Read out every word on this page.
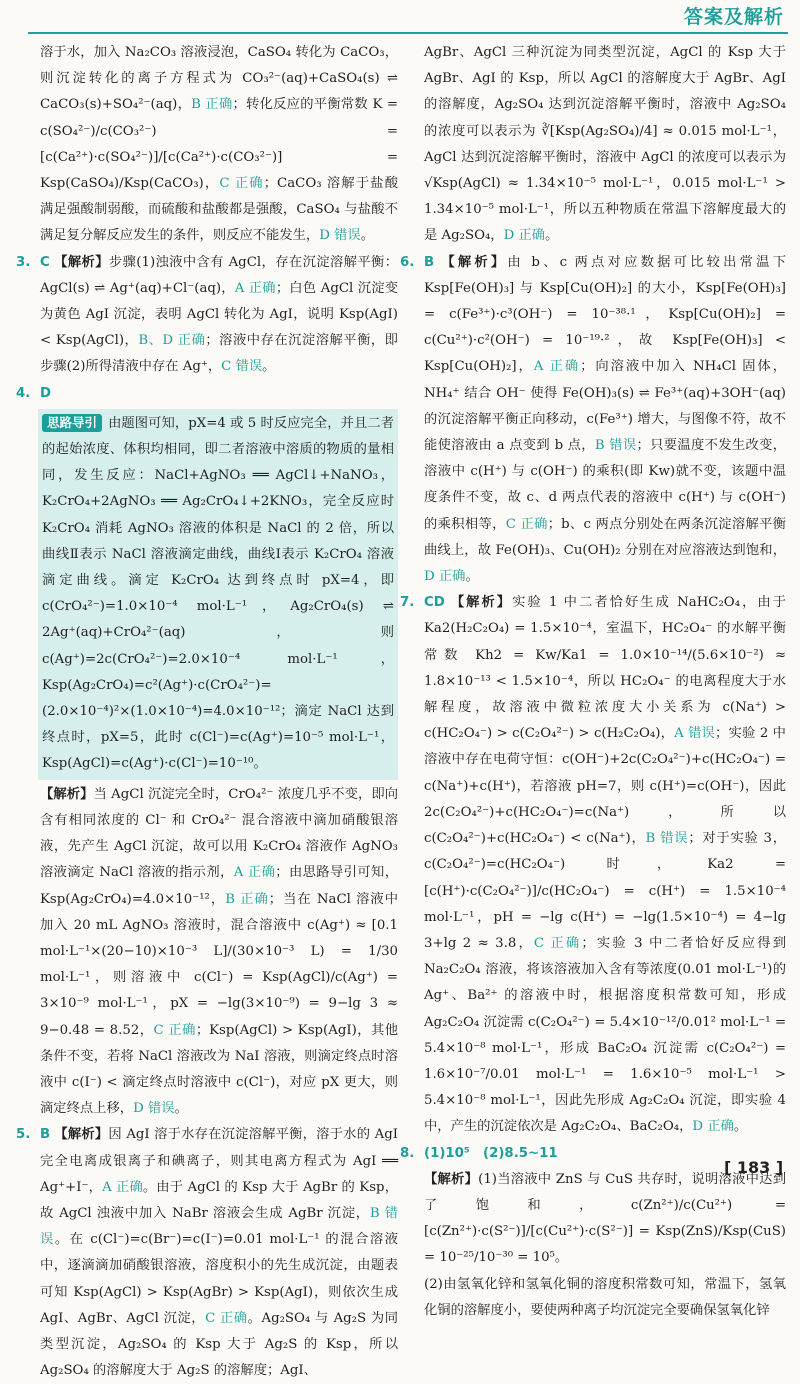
答案及解析

溶于水，加入 Na₂CO₃ 溶液浸泡，CaSO₄ 转化为 CaCO₃，则沉淀转化的离子方程式为 CO₃²⁻(aq)+CaSO₄(s) ⇌ CaCO₃(s)+SO₄²⁻(aq)，B 正确；转化反应的平衡常数 K = c(SO₄²⁻)/c(CO₃²⁻) = [c(Ca²⁺)·c(SO₄²⁻)]/[c(Ca²⁺)·c(CO₃²⁻)] = Ksp(CaSO₄)/Ksp(CaCO₃)，C 正确；CaCO₃ 溶解于盐酸满足强酸制弱酸，而硫酸和盐酸都是强酸，CaSO₄ 与盐酸不满足复分解反应发生的条件，则反应不能发生，D 错误。

3. C 【解析】步骤(1)浊液中含有 AgCl，存在沉淀溶解平衡：AgCl(s) ⇌ Ag⁺(aq)+Cl⁻(aq)，A 正确；白色 AgCl 沉淀变为黄色 AgI 沉淀，表明 AgCl 转化为 AgI，说明 Ksp(AgI) < Ksp(AgCl)，B、D 正确；溶液中存在沉淀溶解平衡，即步骤(2)所得清液中存在 Ag⁺，C 错误。

4. D

思路导引 由题图可知，pX=4 或 5 时反应完全，并且二者的起始浓度、体积均相同，即二者溶液中溶质的物质的量相同，发生反应：NaCl+AgNO₃ ══ AgCl↓+NaNO₃，K₂CrO₄+2AgNO₃ ══ Ag₂CrO₄↓+2KNO₃，完全反应时 K₂CrO₄ 消耗 AgNO₃ 溶液的体积是 NaCl 的 2 倍，所以曲线Ⅱ表示 NaCl 溶液滴定曲线，曲线Ⅰ表示 K₂CrO₄ 溶液滴定曲线。滴定 K₂CrO₄ 达到终点时 pX=4，即 c(CrO₄²⁻)=1.0×10⁻⁴ mol·L⁻¹，Ag₂CrO₄(s) ⇌ 2Ag⁺(aq)+CrO₄²⁻(aq)，则 c(Ag⁺)=2c(CrO₄²⁻)=2.0×10⁻⁴ mol·L⁻¹，Ksp(Ag₂CrO₄)=c²(Ag⁺)·c(CrO₄²⁻)=(2.0×10⁻⁴)²×(1.0×10⁻⁴)=4.0×10⁻¹²；滴定 NaCl 达到终点时，pX=5，此时 c(Cl⁻)=c(Ag⁺)=10⁻⁵ mol·L⁻¹，Ksp(AgCl)=c(Ag⁺)·c(Cl⁻)=10⁻¹⁰。

【解析】当 AgCl 沉淀完全时，CrO₄²⁻ 浓度几乎不变，即向含有相同浓度的 Cl⁻ 和 CrO₄²⁻ 混合溶液中滴加硝酸银溶液，先产生 AgCl 沉淀，故可以用 K₂CrO₄ 溶液作 AgNO₃ 溶液滴定 NaCl 溶液的指示剂，A 正确；由思路导引可知，Ksp(Ag₂CrO₄)=4.0×10⁻¹²，B 正确；当在 NaCl 溶液中加入 20 mL AgNO₃ 溶液时，混合溶液中 c(Ag⁺) ≈ [0.1 mol·L⁻¹×(20−10)×10⁻³ L]/(30×10⁻³ L) = 1/30 mol·L⁻¹，则溶液中 c(Cl⁻) = Ksp(AgCl)/c(Ag⁺) = 3×10⁻⁹ mol·L⁻¹，pX = −lg(3×10⁻⁹) = 9−lg 3 ≈ 9−0.48 = 8.52，C 正确；Ksp(AgCl) > Ksp(AgI)，其他条件不变，若将 NaCl 溶液改为 NaI 溶液，则滴定终点时溶液中 c(I⁻) < 滴定终点时溶液中 c(Cl⁻)，对应 pX 更大，则滴定终点上移，D 错误。

5. B 【解析】因 AgI 溶于水存在沉淀溶解平衡，溶于水的 AgI 完全电离成银离子和碘离子，则其电离方程式为 AgI ══ Ag⁺+I⁻，A 正确。由于 AgCl 的 Ksp 大于 AgBr 的 Ksp，故 AgCl 浊液中加入 NaBr 溶液会生成 AgBr 沉淀，B 错误。在 c(Cl⁻)=c(Br⁻)=c(I⁻)=0.01 mol·L⁻¹ 的混合溶液中，逐滴滴加硝酸银溶液，溶度积小的先生成沉淀，由题表可知 Ksp(AgCl) > Ksp(AgBr) > Ksp(AgI)，则依次生成 AgI、AgBr、AgCl 沉淀，C 正确。Ag₂SO₄ 与 Ag₂S 为同类型沉淀，Ag₂SO₄ 的 Ksp 大于 Ag₂S 的 Ksp，所以 Ag₂SO₄ 的溶解度大于 Ag₂S 的溶解度；AgI、

AgBr、AgCl 三种沉淀为同类型沉淀，AgCl 的 Ksp 大于 AgBr、AgI 的 Ksp，所以 AgCl 的溶解度大于 AgBr、AgI 的溶解度，Ag₂SO₄ 达到沉淀溶解平衡时，溶液中 Ag₂SO₄ 的浓度可以表示为 ∛[Ksp(Ag₂SO₄)/4] ≈ 0.015 mol·L⁻¹，AgCl 达到沉淀溶解平衡时，溶液中 AgCl 的浓度可以表示为 √Ksp(AgCl) ≈ 1.34×10⁻⁵ mol·L⁻¹，0.015 mol·L⁻¹ > 1.34×10⁻⁵ mol·L⁻¹，所以五种物质在常温下溶解度最大的是 Ag₂SO₄，D 正确。

6. B 【解析】由 b、c 两点对应数据可比较出常温下 Ksp[Fe(OH)₃] 与 Ksp[Cu(OH)₂] 的大小，Ksp[Fe(OH)₃] = c(Fe³⁺)·c³(OH⁻) = 10⁻³⁸·¹，Ksp[Cu(OH)₂] = c(Cu²⁺)·c²(OH⁻) = 10⁻¹⁹·²，故 Ksp[Fe(OH)₃] < Ksp[Cu(OH)₂]，A 正确；向溶液中加入 NH₄Cl 固体，NH₄⁺ 结合 OH⁻ 使得 Fe(OH)₃(s) ⇌ Fe³⁺(aq)+3OH⁻(aq) 的沉淀溶解平衡正向移动，c(Fe³⁺) 增大，与图像不符，故不能使溶液由 a 点变到 b 点，B 错误；只要温度不发生改变，溶液中 c(H⁺) 与 c(OH⁻) 的乘积(即 Kw)就不变，该题中温度条件不变，故 c、d 两点代表的溶液中 c(H⁺) 与 c(OH⁻) 的乘积相等，C 正确；b、c 两点分别处在两条沉淀溶解平衡曲线上，故 Fe(OH)₃、Cu(OH)₂ 分别在对应溶液达到饱和，D 正确。

7. CD 【解析】实验 1 中二者恰好生成 NaHC₂O₄，由于 Ka2(H₂C₂O₄) = 1.5×10⁻⁴，室温下，HC₂O₄⁻ 的水解平衡常数 Kh2 = Kw/Ka1 = 1.0×10⁻¹⁴/(5.6×10⁻²) ≈ 1.8×10⁻¹³ < 1.5×10⁻⁴，所以 HC₂O₄⁻ 的电离程度大于水解程度，故溶液中微粒浓度大小关系为 c(Na⁺) > c(HC₂O₄⁻) > c(C₂O₄²⁻) > c(H₂C₂O₄)，A 错误；实验 2 中溶液中存在电荷守恒：c(OH⁻)+2c(C₂O₄²⁻)+c(HC₂O₄⁻) = c(Na⁺)+c(H⁺)，若溶液 pH=7，则 c(H⁺)=c(OH⁻)，因此 2c(C₂O₄²⁻)+c(HC₂O₄⁻)=c(Na⁺)，所以 c(C₂O₄²⁻)+c(HC₂O₄⁻) < c(Na⁺)，B 错误；对于实验 3，c(C₂O₄²⁻)=c(HC₂O₄⁻) 时，Ka2 = [c(H⁺)·c(C₂O₄²⁻)]/c(HC₂O₄⁻) = c(H⁺) = 1.5×10⁻⁴ mol·L⁻¹，pH = −lg c(H⁺) = −lg(1.5×10⁻⁴) = 4−lg 3+lg 2 ≈ 3.8，C 正确；实验 3 中二者恰好反应得到 Na₂C₂O₄ 溶液，将该溶液加入含有等浓度(0.01 mol·L⁻¹)的 Ag⁺、Ba²⁺ 的溶液中时，根据溶度积常数可知，形成 Ag₂C₂O₄ 沉淀需 c(C₂O₄²⁻) = 5.4×10⁻¹²/0.01² mol·L⁻¹ = 5.4×10⁻⁸ mol·L⁻¹，形成 BaC₂O₄ 沉淀需 c(C₂O₄²⁻) = 1.6×10⁻⁷/0.01 mol·L⁻¹ = 1.6×10⁻⁵ mol·L⁻¹ > 5.4×10⁻⁸ mol·L⁻¹，因此先形成 Ag₂C₂O₄ 沉淀，即实验 4 中，产生的沉淀依次是 Ag₂C₂O₄、BaC₂O₄，D 正确。

8. (1)10⁵　(2)8.5~11

【解析】(1)当溶液中 ZnS 与 CuS 共存时，说明溶液中达到了饱和，c(Zn²⁺)/c(Cu²⁺) = [c(Zn²⁺)·c(S²⁻)]/[c(Cu²⁺)·c(S²⁻)] = Ksp(ZnS)/Ksp(CuS) = 10⁻²⁵/10⁻³⁰ = 10⁵。

(2)由氢氧化锌和氢氧化铜的溶度积常数可知，常温下，氢氧化铜的溶解度小，要使两种离子均沉淀完全要确保氢氧化锌

[ 183 ]
